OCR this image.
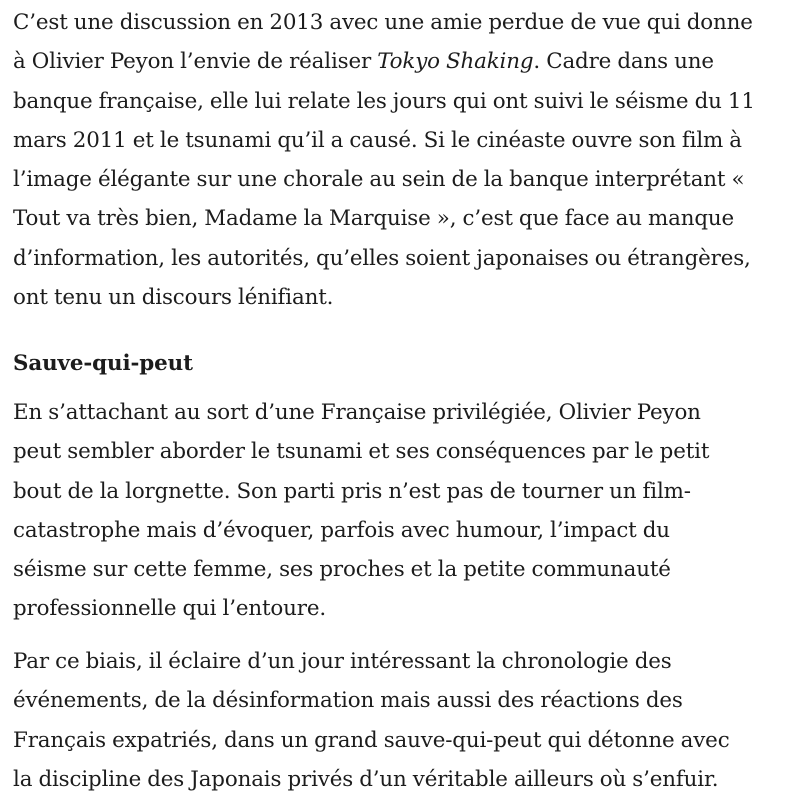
C’est une discussion en 2013 avec une amie perdue de vue qui donne
à Olivier Peyon l’envie de réaliser Tokyo Shaking. Cadre dans une
banque française, elle lui relate les jours qui ont suivi le séisme du 11
mars 2011 et le tsunami qu’il a causé. Si le cinéaste ouvre son film à
l’image élégante sur une chorale au sein de la banque interprétant «
Tout va très bien, Madame la Marquise », c’est que face au manque
d’information, les autorités, qu’elles soient japonaises ou étrangères,
ont tenu un discours lénifiant.

Sauve-qui-peut

En s’attachant au sort d’une Française privilégiée, Olivier Peyon
peut sembler aborder le tsunami et ses conséquences par le petit
bout de la lorgnette. Son parti pris n’est pas de tourner un film-
catastrophe mais d’évoquer, parfois avec humour, l’impact du
séisme sur cette femme, ses proches et la petite communauté
professionnelle qui l’entoure.

Par ce biais, il éclaire d’un jour intéressant la chronologie des
événements, de la désinformation mais aussi des réactions des
Français expatriés, dans un grand sauve-qui-peut qui détonne avec
la discipline des Japonais privés d’un véritable ailleurs où s’enfuir.
